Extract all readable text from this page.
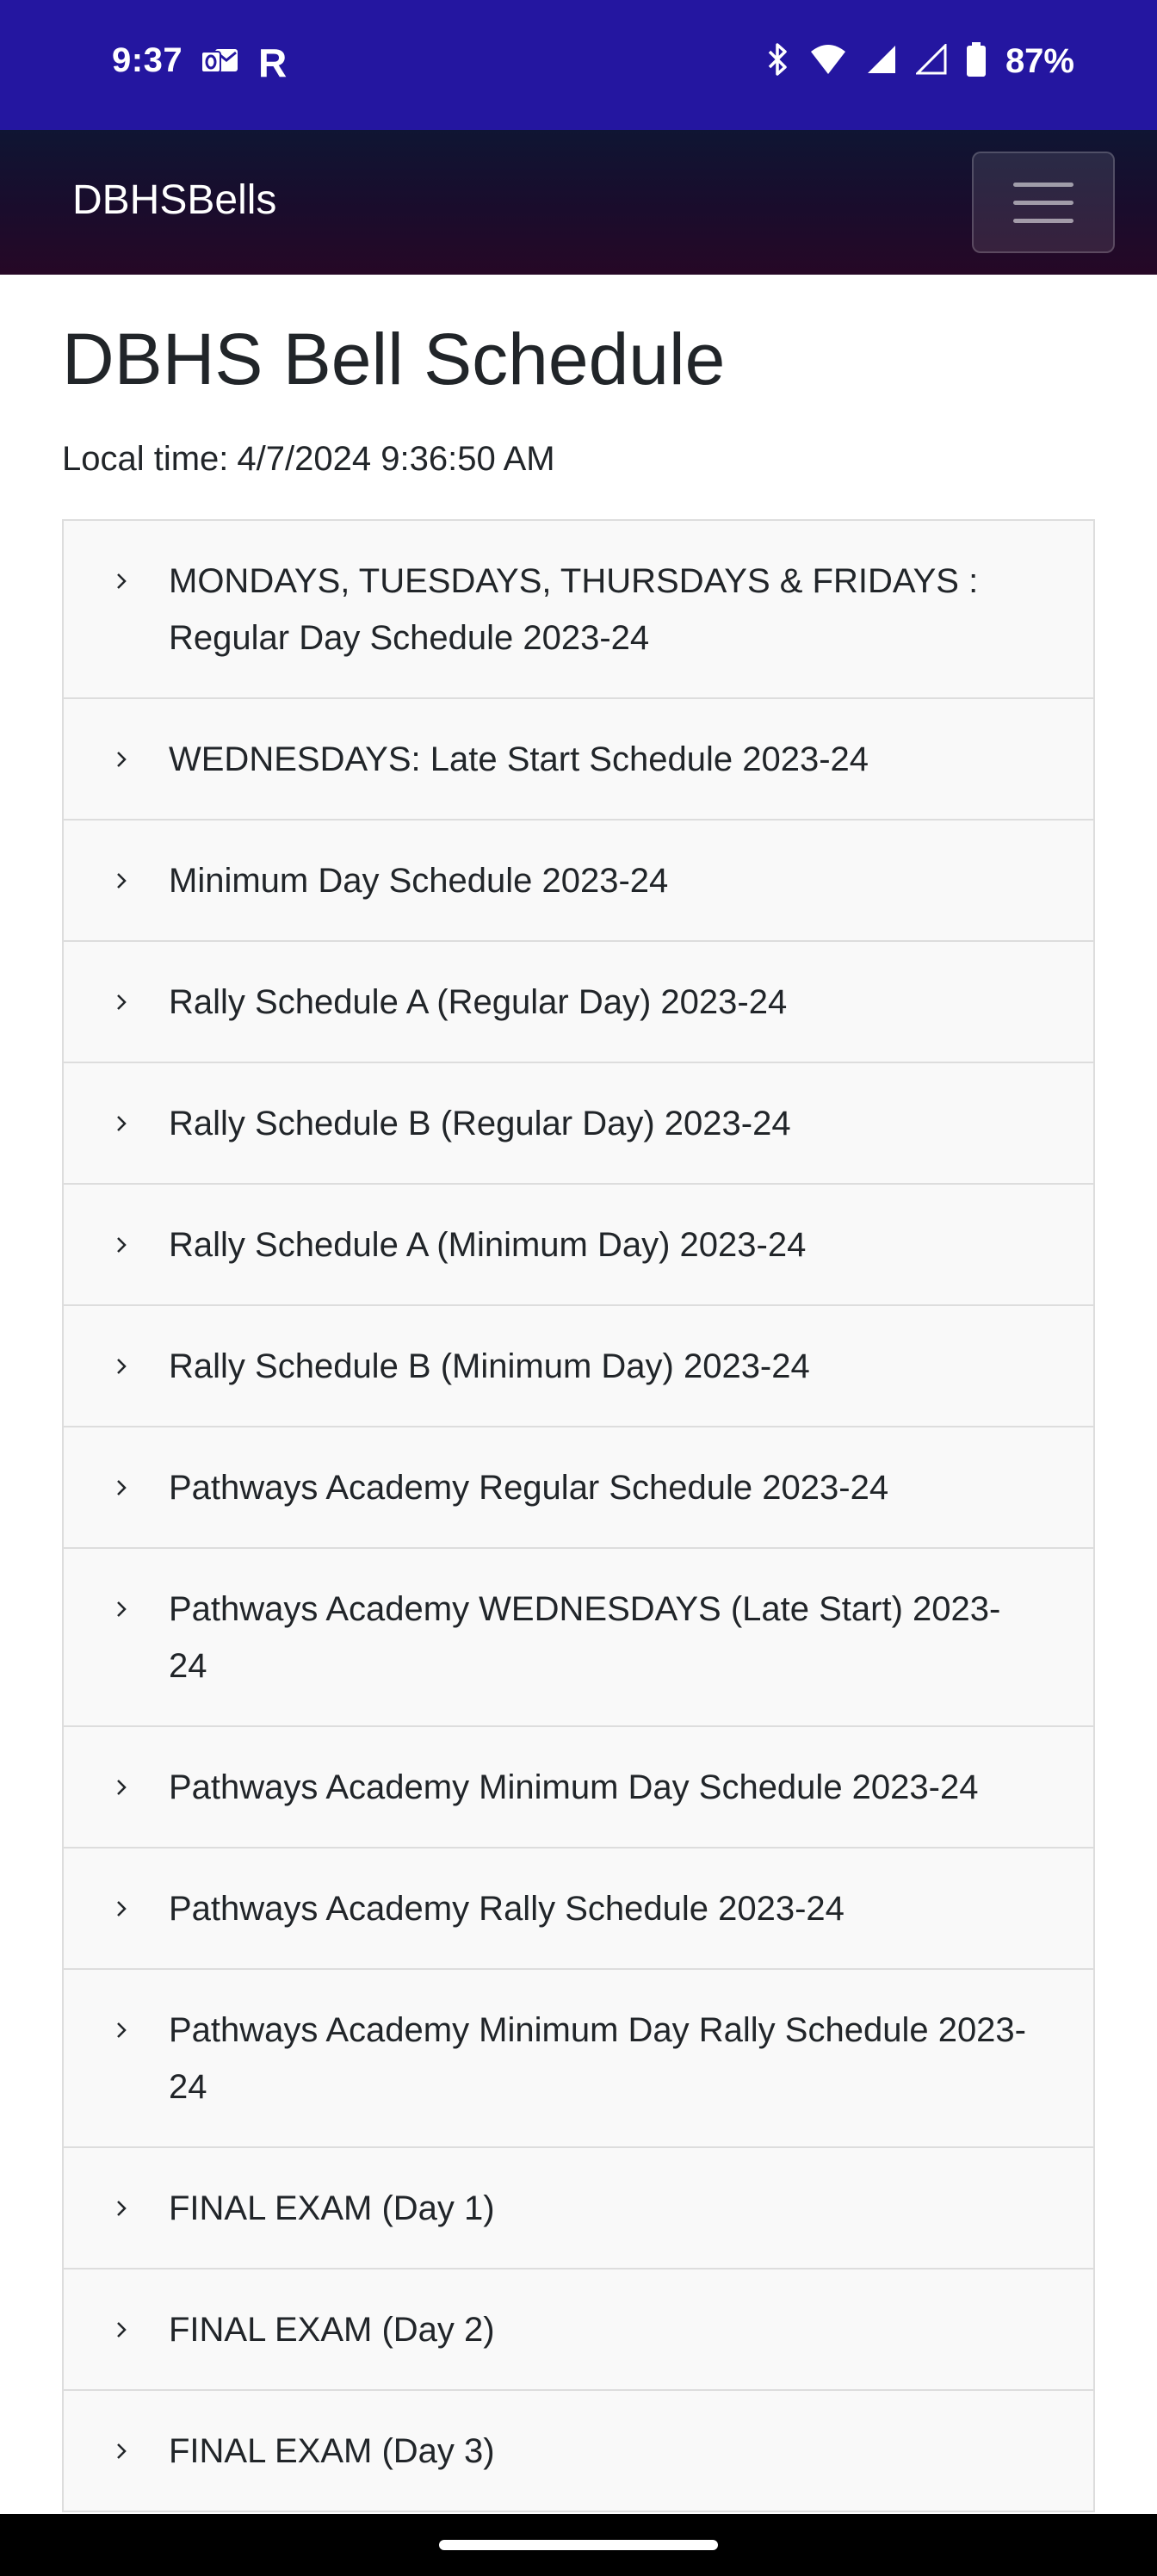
9:37 R	87%
DBHSBells
DBHS Bell Schedule
Local time: 4/7/2024 9:36:50 AM
MONDAYS, TUESDAYS, THURSDAYS & FRIDAYS : Regular Day Schedule 2023-24
WEDNESDAYS: Late Start Schedule 2023-24
Minimum Day Schedule 2023-24
Rally Schedule A (Regular Day) 2023-24
Rally Schedule B (Regular Day) 2023-24
Rally Schedule A (Minimum Day) 2023-24
Rally Schedule B (Minimum Day) 2023-24
Pathways Academy Regular Schedule 2023-24
Pathways Academy WEDNESDAYS (Late Start) 2023-24
Pathways Academy Minimum Day Schedule 2023-24
Pathways Academy Rally Schedule 2023-24
Pathways Academy Minimum Day Rally Schedule 2023-24
FINAL EXAM (Day 1)
FINAL EXAM (Day 2)
FINAL EXAM (Day 3)
